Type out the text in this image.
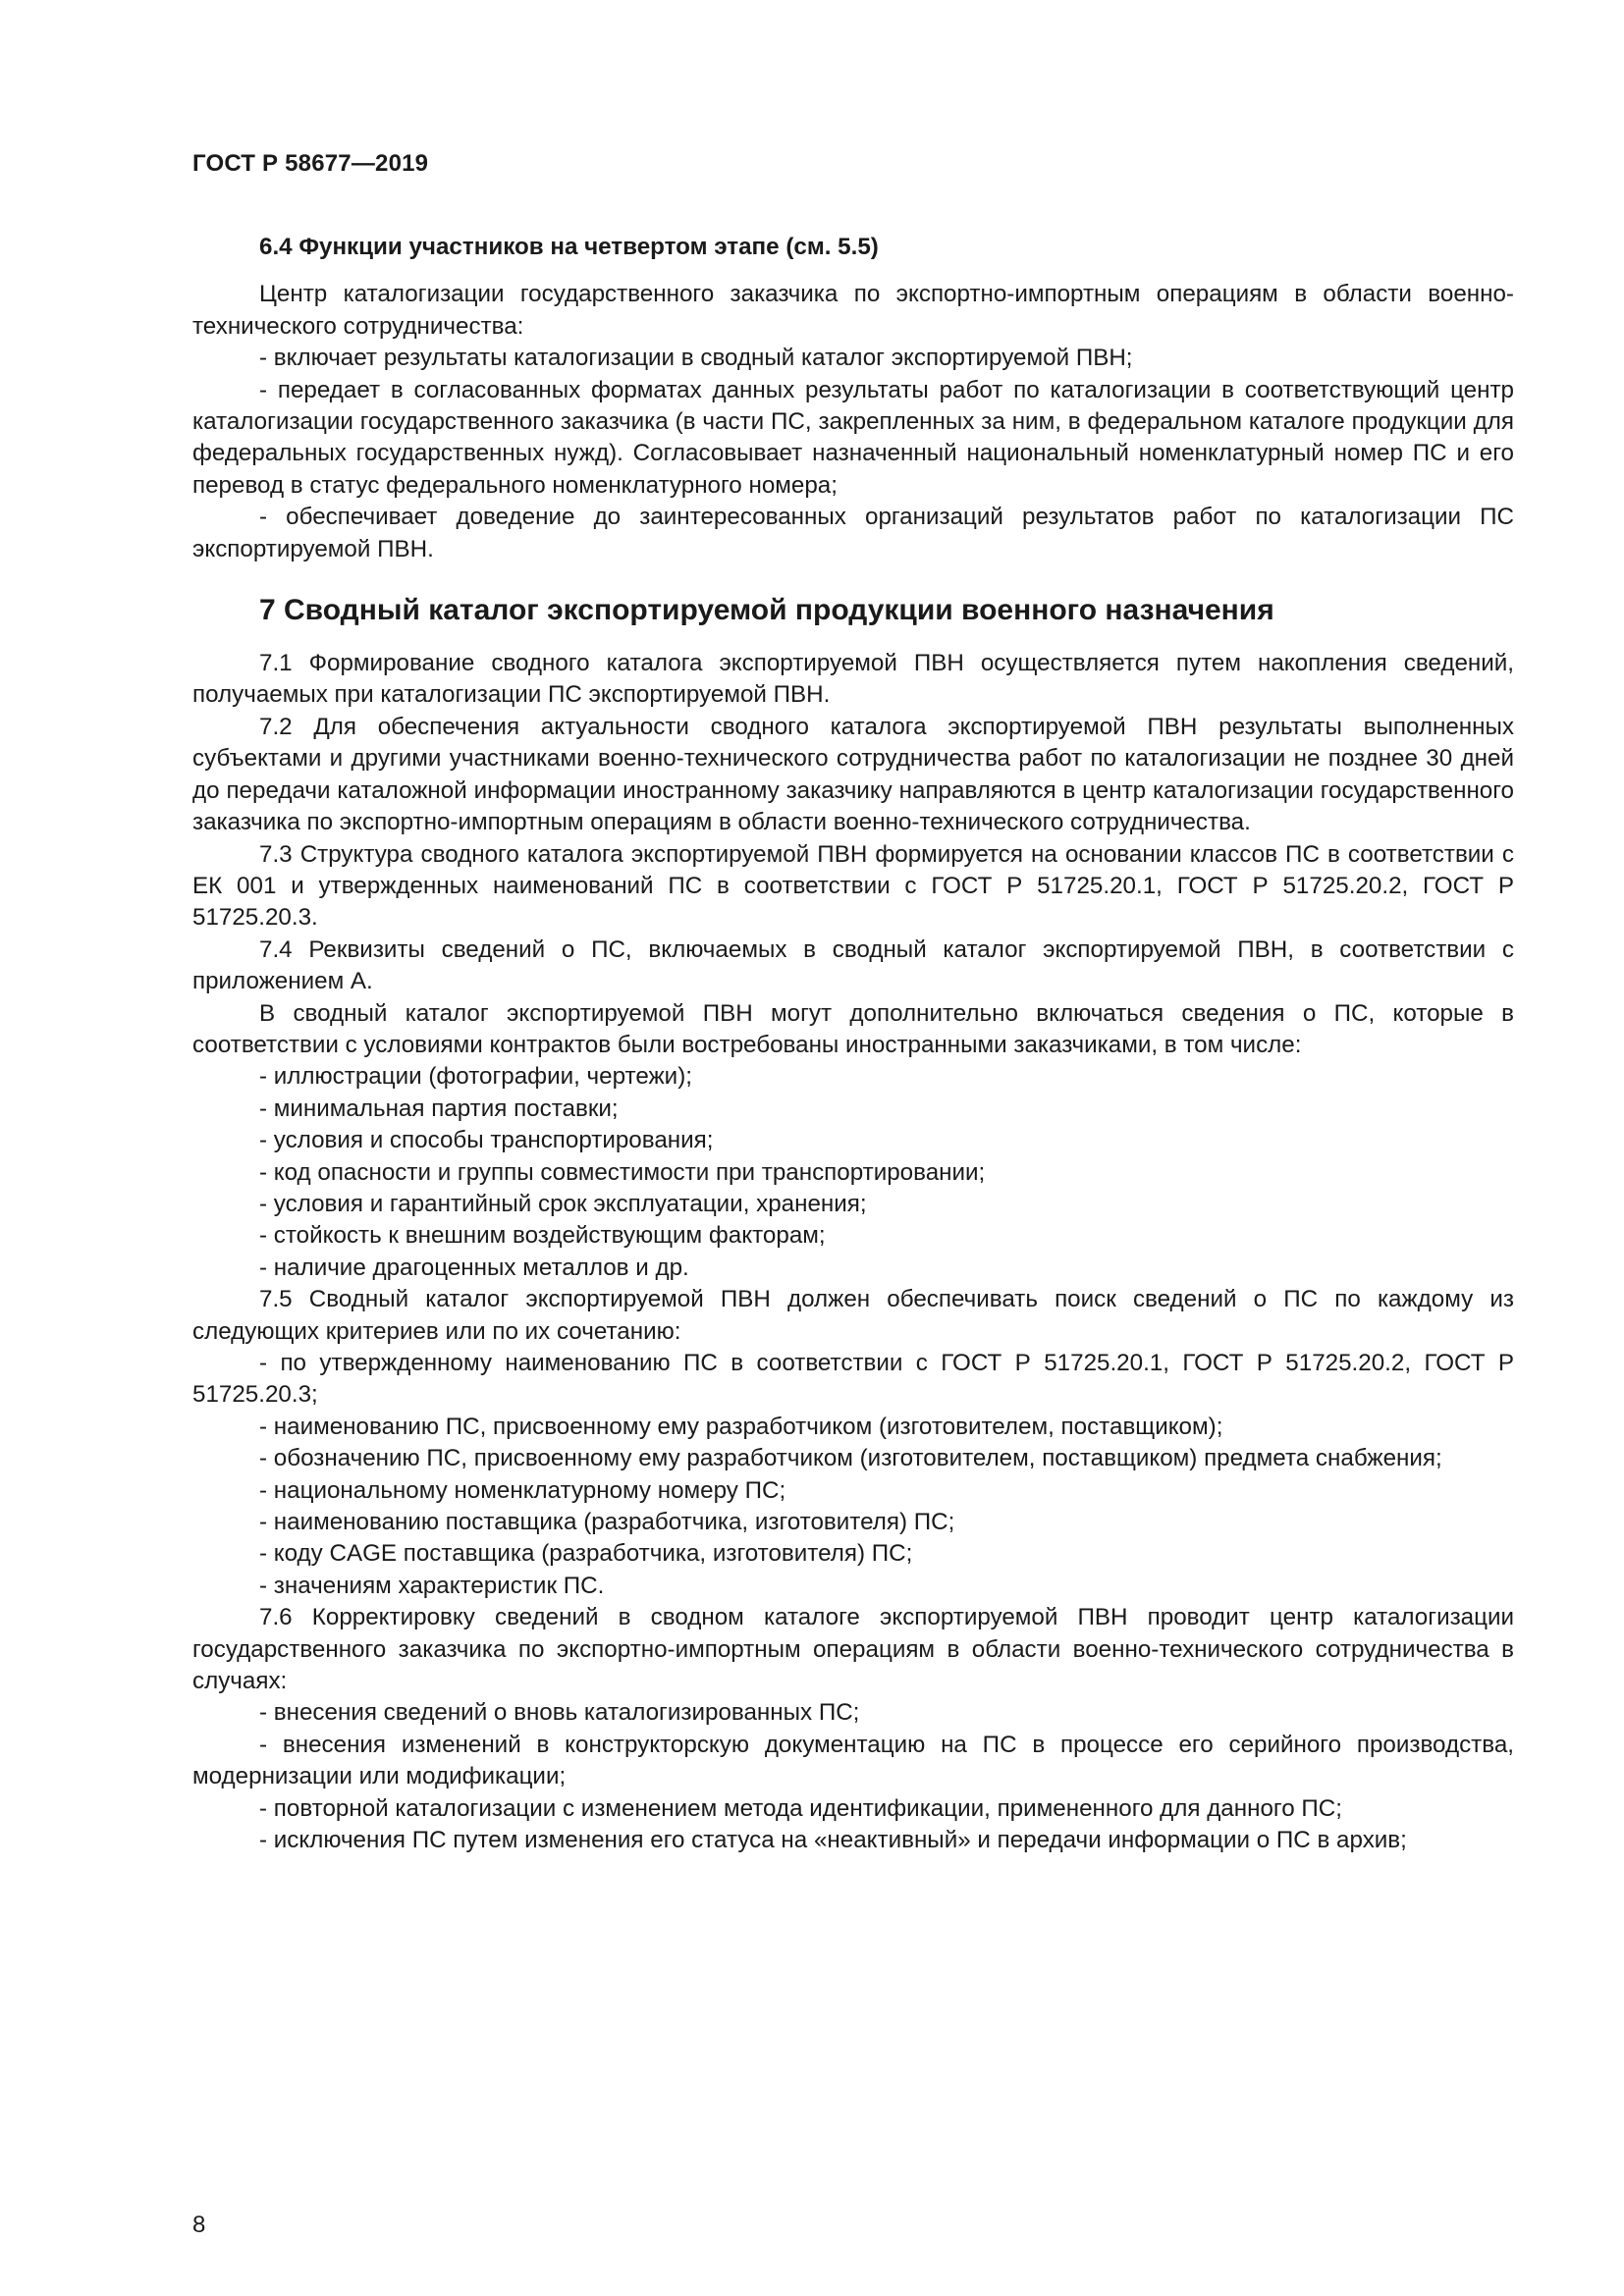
ГОСТ Р 58677—2019
6.4 Функции участников на четвертом этапе (см. 5.5)

Центр каталогизации государственного заказчика по экспортно-импортным операциям в области военно-технического сотрудничества:

- включает результаты каталогизации в сводный каталог экспортируемой ПВН;

- передает в согласованных форматах данных результаты работ по каталогизации в соответствующий центр каталогизации государственного заказчика (в части ПС, закрепленных за ним, в федеральном каталоге продукции для федеральных государственных нужд). Согласовывает назначенный национальный номенклатурный номер ПС и его перевод в статус федерального номенклатурного номера;

- обеспечивает доведение до заинтересованных организаций результатов работ по каталогизации ПС экспортируемой ПВН.

7 Сводный каталог экспортируемой продукции военного назначения

7.1 Формирование сводного каталога экспортируемой ПВН осуществляется путем накопления сведений, получаемых при каталогизации ПС экспортируемой ПВН.

7.2 Для обеспечения актуальности сводного каталога экспортируемой ПВН результаты выполненных субъектами и другими участниками военно-технического сотрудничества работ по каталогизации не позднее 30 дней до передачи каталожной информации иностранному заказчику направляются в центр каталогизации государственного заказчика по экспортно-импортным операциям в области военно-технического сотрудничества.

7.3 Структура сводного каталога экспортируемой ПВН формируется на основании классов ПС в соответствии с ЕК 001 и утвержденных наименований ПС в соответствии с ГОСТ Р 51725.20.1, ГОСТ Р 51725.20.2, ГОСТ Р 51725.20.3.

7.4 Реквизиты сведений о ПС, включаемых в сводный каталог экспортируемой ПВН, в соответствии с приложением А.

В сводный каталог экспортируемой ПВН могут дополнительно включаться сведения о ПС, которые в соответствии с условиями контрактов были востребованы иностранными заказчиками, в том числе:

- иллюстрации (фотографии, чертежи);

- минимальная партия поставки;

- условия и способы транспортирования;

- код опасности и группы совместимости при транспортировании;

- условия и гарантийный срок эксплуатации, хранения;

- стойкость к внешним воздействующим факторам;

- наличие драгоценных металлов и др.

7.5 Сводный каталог экспортируемой ПВН должен обеспечивать поиск сведений о ПС по каждому из следующих критериев или по их сочетанию:

- по утвержденному наименованию ПС в соответствии с ГОСТ Р 51725.20.1, ГОСТ Р 51725.20.2, ГОСТ Р 51725.20.3;

- наименованию ПС, присвоенному ему разработчиком (изготовителем, поставщиком);

- обозначению ПС, присвоенному ему разработчиком (изготовителем, поставщиком) предмета снабжения;

- национальному номенклатурному номеру ПС;

- наименованию поставщика (разработчика, изготовителя) ПС;

- коду CAGE поставщика (разработчика, изготовителя) ПС;

- значениям характеристик ПС.

7.6 Корректировку сведений в сводном каталоге экспортируемой ПВН проводит центр каталогизации государственного заказчика по экспортно-импортным операциям в области военно-технического сотрудничества в случаях:

- внесения сведений о вновь каталогизированных ПС;

- внесения изменений в конструкторскую документацию на ПС в процессе его серийного производства, модернизации или модификации;

- повторной каталогизации с изменением метода идентификации, примененного для данного ПС;

- исключения ПС путем изменения его статуса на «неактивный» и передачи информации о ПС в архив;

8
